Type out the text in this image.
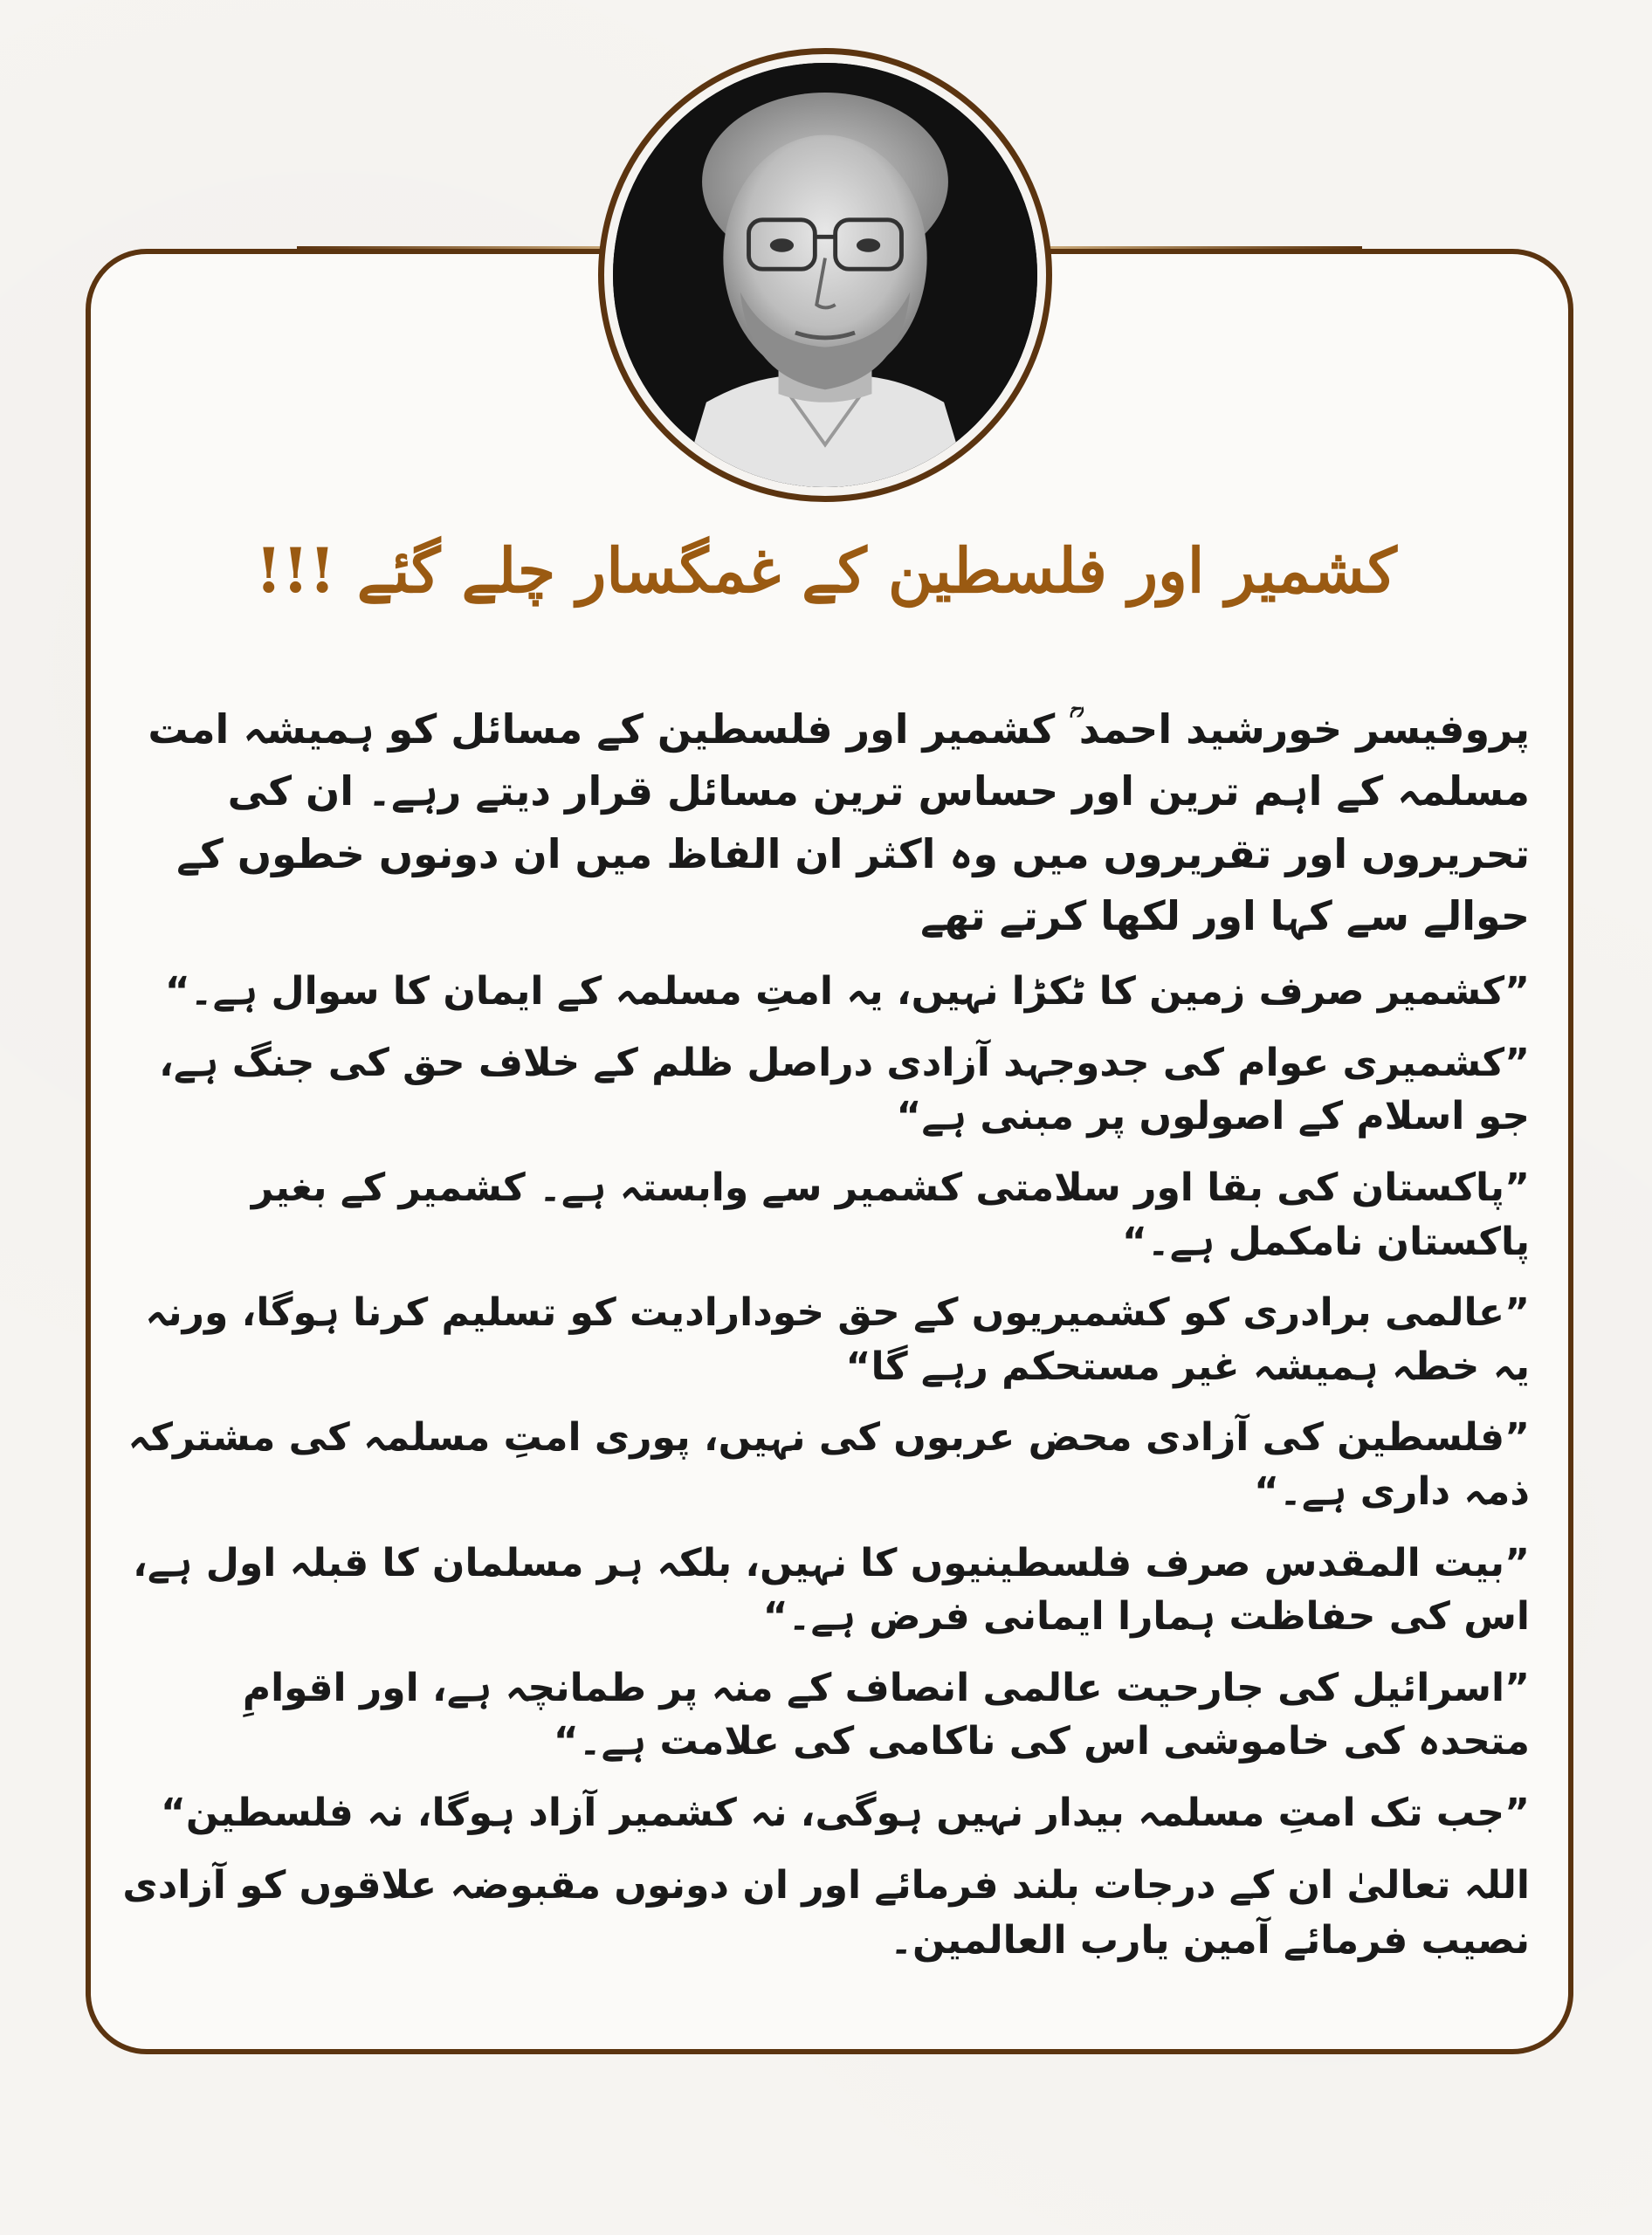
کشمیر اور فلسطین کے غمگسار چلے گئے !!!

پروفیسر خورشید احمد ؒ کشمیر اور فلسطین کے مسائل کو ہمیشہ امت مسلمہ کے اہم ترین اور حساس ترین مسائل قرار دیتے رہے۔ ان کی تحریروں اور تقریروں میں وہ اکثر ان الفاظ میں ان دونوں خطوں کے حوالے سے کہا اور لکھا کرتے تھے

”کشمیر صرف زمین کا ٹکڑا نہیں، یہ امتِ مسلمہ کے ایمان کا سوال ہے۔“

”کشمیری عوام کی جدوجہد آزادی دراصل ظلم کے خلاف حق کی جنگ ہے، جو اسلام کے اصولوں پر مبنی ہے“

”پاکستان کی بقا اور سلامتی کشمیر سے وابستہ ہے۔ کشمیر کے بغیر پاکستان نامکمل ہے۔“

”عالمی برادری کو کشمیریوں کے حق خودارادیت کو تسلیم کرنا ہوگا، ورنہ یہ خطہ ہمیشہ غیر مستحکم رہے گا“

”فلسطین کی آزادی محض عربوں کی نہیں، پوری امتِ مسلمہ کی مشترکہ ذمہ داری ہے۔“

”بیت المقدس صرف فلسطینیوں کا نہیں، بلکہ ہر مسلمان کا قبلہ اول ہے، اس کی حفاظت ہمارا ایمانی فرض ہے۔“

”اسرائیل کی جارحیت عالمی انصاف کے منہ پر طمانچہ ہے، اور اقوامِ متحدہ کی خاموشی اس کی ناکامی کی علامت ہے۔“

”جب تک امتِ مسلمہ بیدار نہیں ہوگی، نہ کشمیر آزاد ہوگا، نہ فلسطین“

اللہ تعالیٰ ان کے درجات بلند فرمائے اور ان دونوں مقبوضہ علاقوں کو آزادی نصیب فرمائے آمین یارب العالمین۔
